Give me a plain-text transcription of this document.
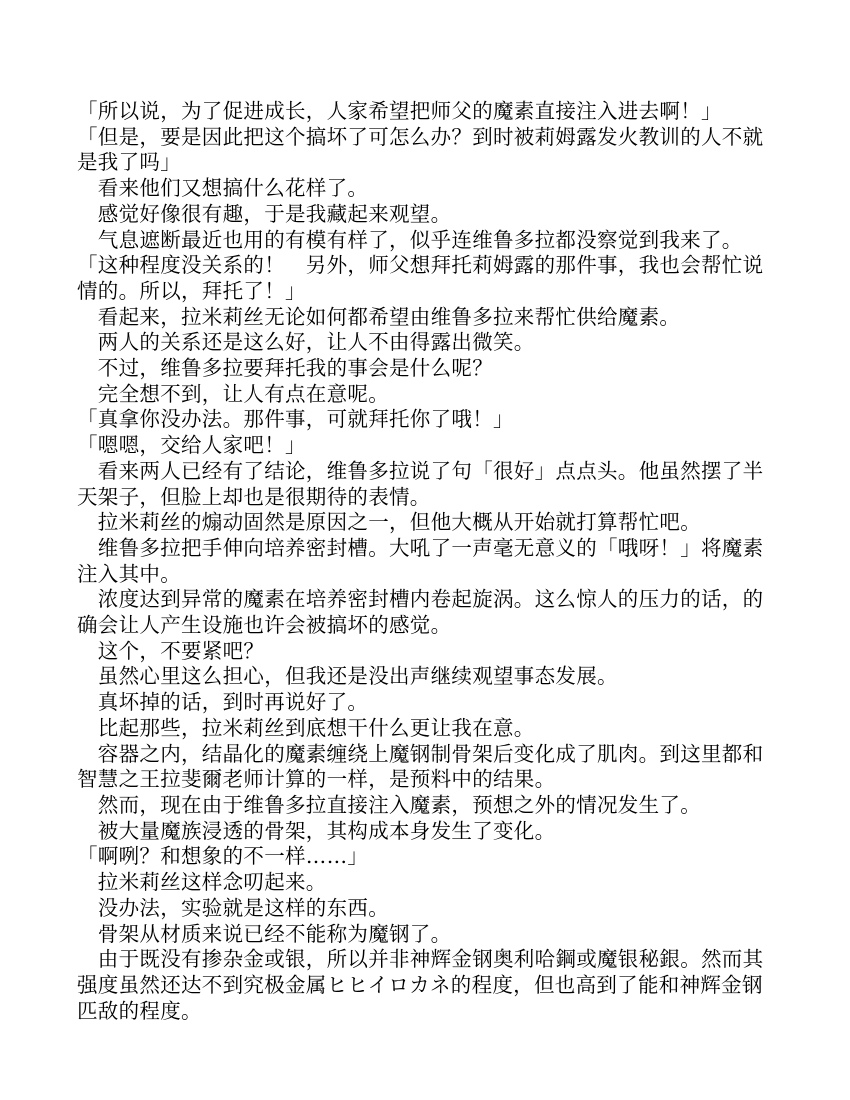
「所以说，为了促进成长，人家希望把师父的魔素直接注入进去啊！」

「但是，要是因此把这个搞坏了可怎么办？到时被莉姆露发火教训的人不就是我了吗」

　看来他们又想搞什么花样了。

　感觉好像很有趣，于是我藏起来观望。

　气息遮断最近也用的有模有样了，似乎连维鲁多拉都没察觉到我来了。

「这种程度没关系的！　另外，师父想拜托莉姆露的那件事，我也会帮忙说情的。所以，拜托了！」

　看起来，拉米莉丝无论如何都希望由维鲁多拉来帮忙供给魔素。

　两人的关系还是这么好，让人不由得露出微笑。

　不过，维鲁多拉要拜托我的事会是什么呢？

　完全想不到，让人有点在意呢。

「真拿你没办法。那件事，可就拜托你了哦！」

「嗯嗯，交给人家吧！」

　看来两人已经有了结论，维鲁多拉说了句「很好」点点头。他虽然摆了半天架子，但脸上却也是很期待的表情。

　拉米莉丝的煽动固然是原因之一，但他大概从开始就打算帮忙吧。

　维鲁多拉把手伸向培养密封槽。大吼了一声毫无意义的「哦呀！」将魔素注入其中。

　浓度达到异常的魔素在培养密封槽内卷起旋涡。这么惊人的压力的话，的确会让人产生设施也许会被搞坏的感觉。

　这个，不要紧吧？

　虽然心里这么担心，但我还是没出声继续观望事态发展。

　真坏掉的话，到时再说好了。

　比起那些，拉米莉丝到底想干什么更让我在意。

　容器之内，结晶化的魔素缠绕上魔钢制骨架后变化成了肌肉。到这里都和智慧之王拉斐爾老师计算的一样，是预料中的结果。

　然而，现在由于维鲁多拉直接注入魔素，预想之外的情况发生了。

　被大量魔族浸透的骨架，其构成本身发生了变化。

「啊咧？和想象的不一样……」

　拉米莉丝这样念叨起来。

　没办法，实验就是这样的东西。

　骨架从材质来说已经不能称为魔钢了。

　由于既没有掺杂金或银，所以并非神辉金钢奥利哈鋼或魔银秘銀。然而其强度虽然还达不到究极金属ヒヒイロカネ的程度，但也高到了能和神辉金钢匹敌的程度。
